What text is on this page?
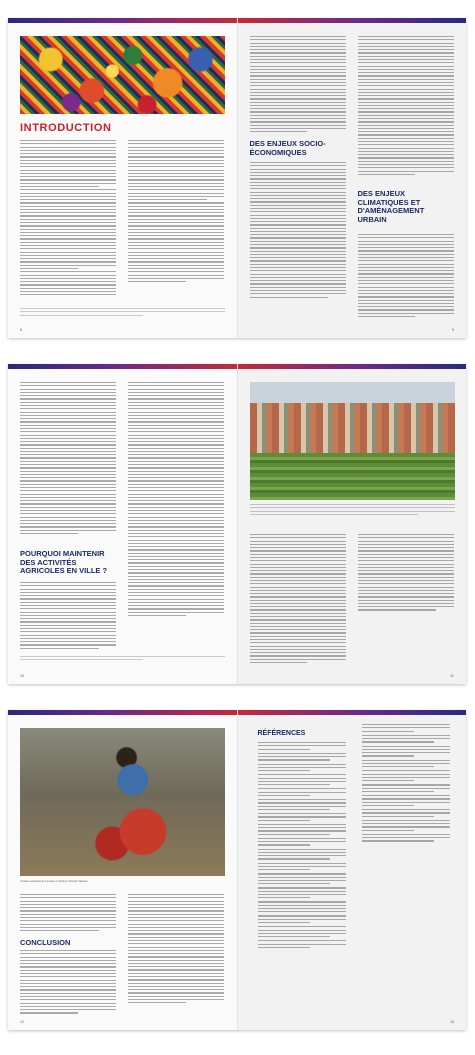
INTRODUCTION
8
DES ENJEUX SOCIO-ÉCONOMIQUES
DES ENJEUX CLIMATIQUES ET D'AMÉNAGEMENT URBAIN
9
POURQUOI MAINTENIR DES ACTIVITÉS AGRICOLES EN VILLE ?
10	11
Vendeur ambulant de tomates en Afrique. Pascale Valentin
CONCLUSION
12
RÉFÉRENCES
13
